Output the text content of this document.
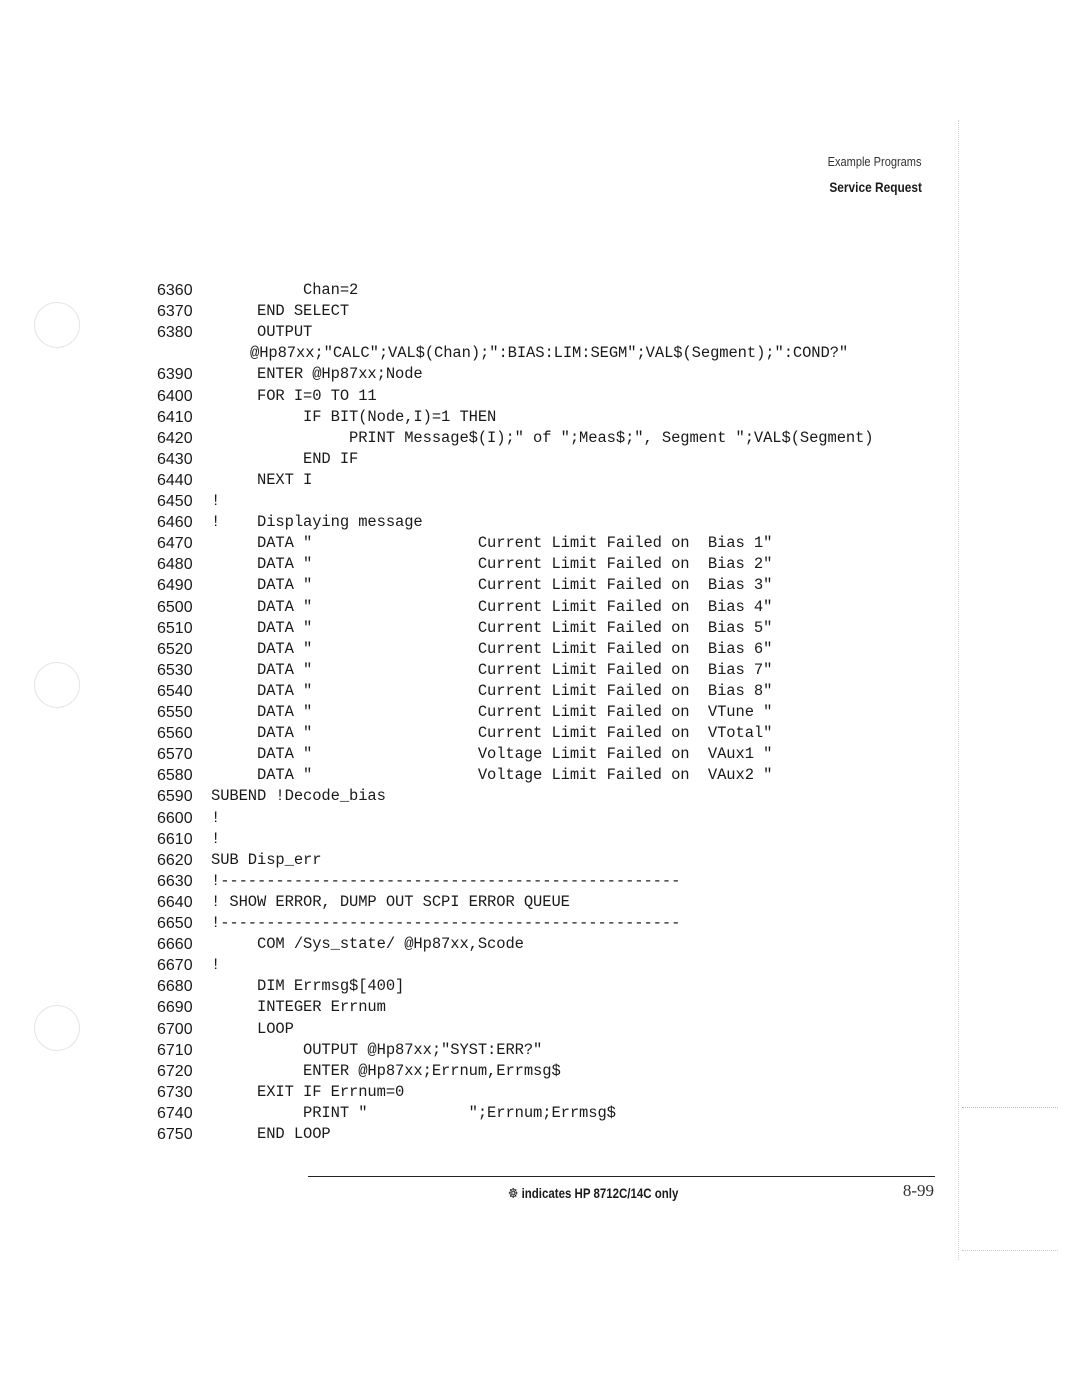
Example Programs
Service Request
6360	Chan=2
6370	END SELECT
6380	OUTPUT
@Hp87xx;"CALC";VAL$(Chan);":BIAS:LIM:SEGM";VAL$(Segment);":COND?"
6390	ENTER @Hp87xx;Node
6400	FOR I=0 TO 11
6410	IF BIT(Node,I)=1 THEN
6420	PRINT Message$(I);" of ";Meas$;", Segment ";VAL$(Segment)
6430	END IF
6440	NEXT I
6450	!
6460	!    Displaying message
6470	DATA "                  Current Limit Failed on  Bias 1"
6480	DATA "                  Current Limit Failed on  Bias 2"
6490	DATA "                  Current Limit Failed on  Bias 3"
6500	DATA "                  Current Limit Failed on  Bias 4"
6510	DATA "                  Current Limit Failed on  Bias 5"
6520	DATA "                  Current Limit Failed on  Bias 6"
6530	DATA "                  Current Limit Failed on  Bias 7"
6540	DATA "                  Current Limit Failed on  Bias 8"
6550	DATA "                  Current Limit Failed on  VTune "
6560	DATA "                  Current Limit Failed on  VTotal"
6570	DATA "                  Voltage Limit Failed on  VAux1 "
6580	DATA "                  Voltage Limit Failed on  VAux2 "
6590	SUBEND !Decode_bias
6600	!
6610	!
6620	SUB Disp_err
6630	!--------------------------------------------------
6640	! SHOW ERROR, DUMP OUT SCPI ERROR QUEUE
6650	!--------------------------------------------------
6660	COM /Sys_state/ @Hp87xx,Scode
6670	!
6680	DIM Errmsg$[400]
6690	INTEGER Errnum
6700	LOOP
6710	OUTPUT @Hp87xx;"SYST:ERR?"
6720	ENTER @Hp87xx;Errnum,Errmsg$
6730	EXIT IF Errnum=0
6740	PRINT "           ";Errnum;Errmsg$
6750	END LOOP
☸ indicates HP 8712C/14C only	8-99
